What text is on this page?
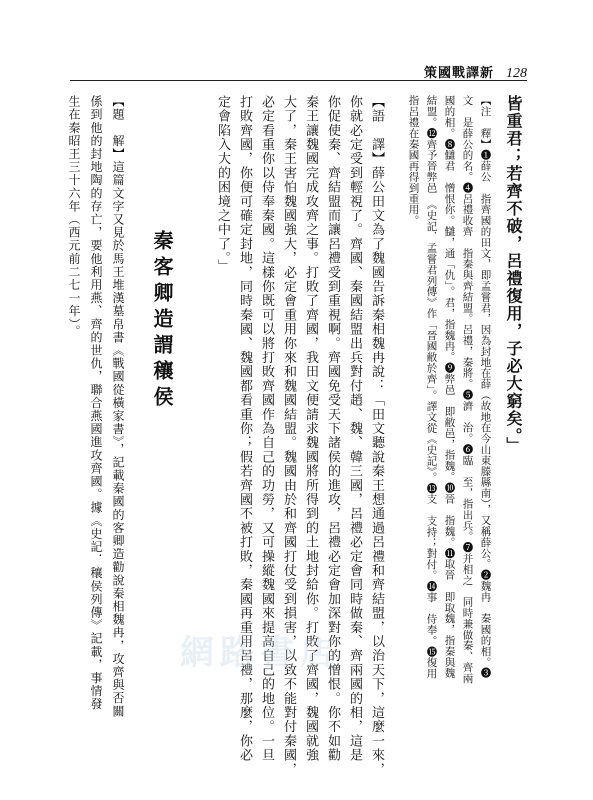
策國戰譯新 128
皆重君；若齊不破，呂禮復用，子必大窮矣。」
【注　釋】❶薛公　指齊國的田文，即孟嘗君，因為封地在薛（故地在今山東滕縣南），又稱薛公。❷魏冉　秦國的相。❸
文　是薛公的名。❹呂禮收齊　指秦與齊結盟。呂禮，秦將。❺濟　治。❻臨　至，指出兵。❼并相之　同時兼做秦、齊兩
國的相。❽讎君　憎恨你。讎，通「仇」。君，指魏冉。❾弊邑　即敝邑，指魏。❿晉　指魏。⓫取晉　即取魏，指秦與魏
結盟。⓬齊予晉弊邑　《史記．孟嘗君列傳》作「晉國敝於齊」。譯文從《史記》。⓭支　支持；對付。⓮事　侍奉。⓯復用
指呂禮在秦國再得到重用。
【語　譯】薛公田文為了魏國告訴秦相魏冉說：「田文聽說秦王想通過呂禮和齊結盟，以治天下，這麼一來，
你就必定受到輕視了。齊國、秦國結盟出兵對付趙、魏、韓三國，呂禮必定會同時做秦、齊兩國的相，這是
你促使秦、齊結盟而讓呂禮受到重視啊。齊國免受天下諸侯的進攻，呂禮必定會加深對你的憎恨。你不如勸
秦王讓魏國完成攻齊之事。打敗了齊國，我田文便請求魏國將所得到的土地封給你。打敗了齊國，魏國就強
大了，秦王害怕魏國強大，必定會重用你來和魏國結盟。魏國由於和齊國打仗受到損害，以致不能對付秦國，
必定看重你以侍奉秦國。這樣你既可以將打敗齊國作為自己的功勞，又可操縱魏國來提高自己的地位。一旦
打敗齊國，你便可確定封地，同時秦國、魏國都看重你；假若齊國不被打敗，秦國再重用呂禮，那麼，你必
定會陷入大的困境之中了。」
秦客卿造謂穰侯
【題　解】這篇文字又見於馬王堆漢墓帛書《戰國從橫家書》，記載秦國的客卿造勸說秦相魏冉，攻齊與否關
係到他的封地陶的存亡，要他利用燕、齊的世仇，聯合燕國進攻齊國。據《史記．穰侯列傳》記載，事情發
生在秦昭王三十六年（西元前二七一年）。
網路書店
